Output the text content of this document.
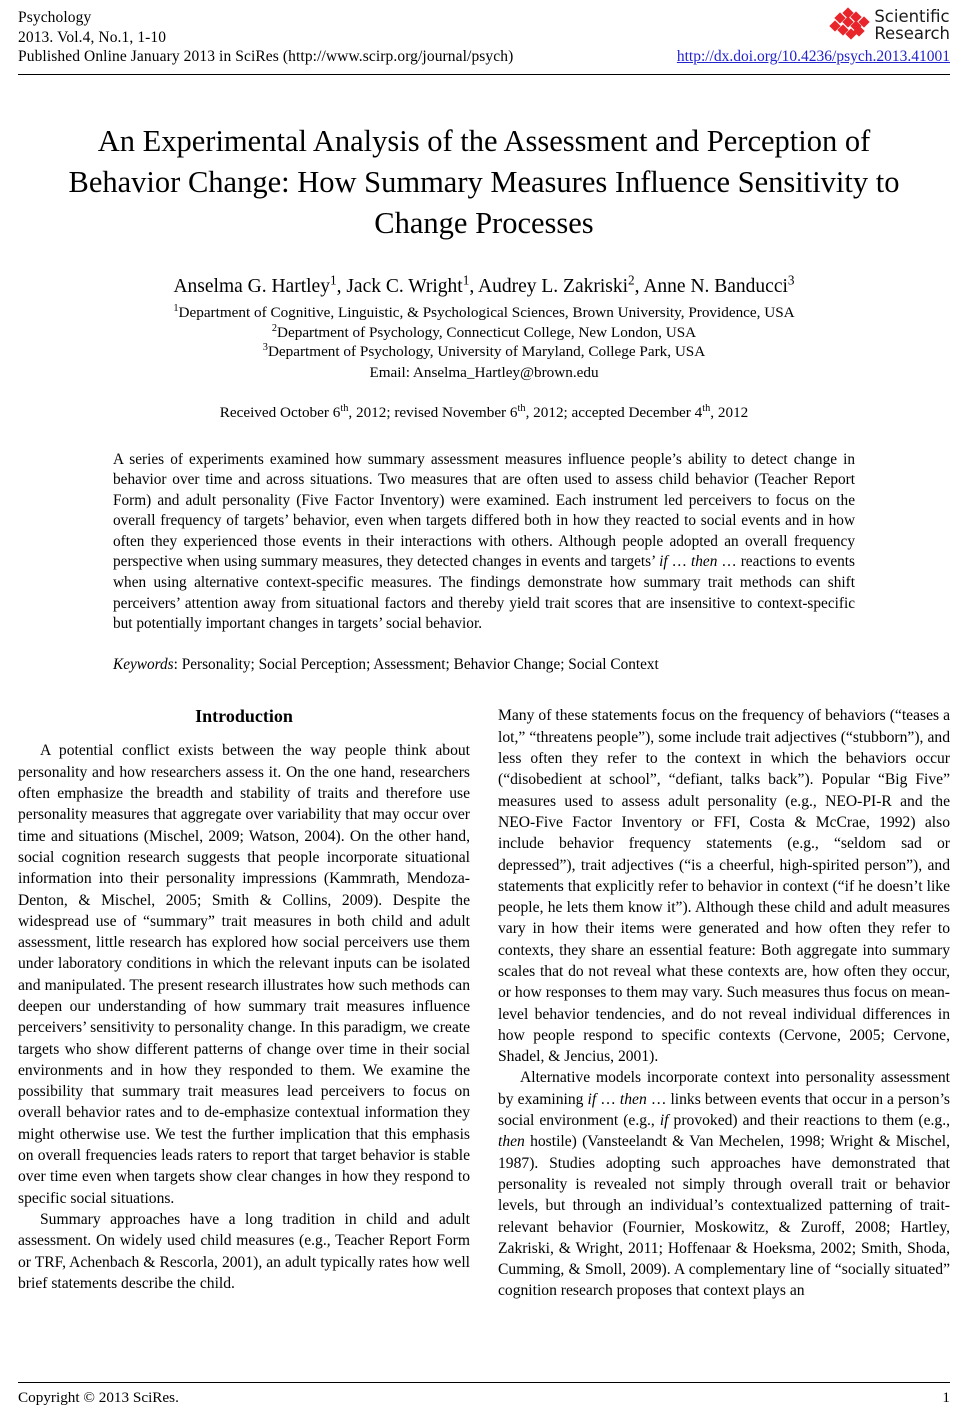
Psychology
2013. Vol.4, No.1, 1-10
Published Online January 2013 in SciRes (http://www.scirp.org/journal/psych)	http://dx.doi.org/10.4236/psych.2013.41001
Scientific
Research
An Experimental Analysis of the Assessment and Perception of Behavior Change: How Summary Measures Influence Sensitivity to Change Processes
Anselma G. Hartley$^1$, Jack C. Wright$^1$, Audrey L. Zakriski$^2$, Anne N. Banducci$^3$
$^1$Department of Cognitive, Linguistic, & Psychological Sciences, Brown University, Providence, USA
$^2$Department of Psychology, Connecticut College, New London, USA
$^3$Department of Psychology, University of Maryland, College Park, USA
Email: Anselma_Hartley@brown.edu
Received October 6th, 2012; revised November 6th, 2012; accepted December 4th, 2012
A series of experiments examined how summary assessment measures influence people’s ability to detect change in behavior over time and across situations. Two measures that are often used to assess child behavior (Teacher Report Form) and adult personality (Five Factor Inventory) were examined. Each instrument led perceivers to focus on the overall frequency of targets’ behavior, even when targets differed both in how they reacted to social events and in how often they experienced those events in their interactions with others. Although people adopted an overall frequency perspective when using summary measures, they detected changes in events and targets’ if … then … reactions to events when using alternative context-specific measures. The findings demonstrate how summary trait methods can shift perceivers’ attention away from situational factors and thereby yield trait scores that are insensitive to context-specific but potentially important changes in targets’ social behavior.
Keywords: Personality; Social Perception; Assessment; Behavior Change; Social Context
Introduction

A potential conflict exists between the way people think about personality and how researchers assess it. On the one hand, researchers often emphasize the breadth and stability of traits and therefore use personality measures that aggregate over variability that may occur over time and situations (Mischel, 2009; Watson, 2004). On the other hand, social cognition research suggests that people incorporate situational information into their personality impressions (Kammrath, Mendoza-Denton, & Mischel, 2005; Smith & Collins, 2009). Despite the widespread use of “summary” trait measures in both child and adult assessment, little research has explored how social perceivers use them under laboratory conditions in which the relevant inputs can be isolated and manipulated. The present research illustrates how such methods can deepen our understanding of how summary trait measures influence perceivers’ sensitivity to personality change. In this paradigm, we create targets who show different patterns of change over time in their social environments and in how they responded to them. We examine the possibility that summary trait measures lead perceivers to focus on overall behavior rates and to de-emphasize contextual information they might otherwise use. We test the further implication that this emphasis on overall frequencies leads raters to report that target behavior is stable over time even when targets show clear changes in how they respond to specific social situations.

Summary approaches have a long tradition in child and adult assessment. On widely used child measures (e.g., Teacher Report Form or TRF, Achenbach & Rescorla, 2001), an adult typically rates how well brief statements describe the child.

Many of these statements focus on the frequency of behaviors (“teases a lot,” “threatens people”), some include trait adjectives (“stubborn”), and less often they refer to the context in which the behaviors occur (“disobedient at school”, “defiant, talks back”). Popular “Big Five” measures used to assess adult personality (e.g., NEO-PI-R and the NEO-Five Factor Inventory or FFI, Costa & McCrae, 1992) also include behavior frequency statements (e.g., “seldom sad or depressed”), trait adjectives (“is a cheerful, high-spirited person”), and statements that explicitly refer to behavior in context (“if he doesn’t like people, he lets them know it”). Although these child and adult measures vary in how their items were generated and how often they refer to contexts, they share an essential feature: Both aggregate into summary scales that do not reveal what these contexts are, how often they occur, or how responses to them may vary. Such measures thus focus on mean-level behavior tendencies, and do not reveal individual differences in how people respond to specific contexts (Cervone, 2005; Cervone, Shadel, & Jencius, 2001).

Alternative models incorporate context into personality assessment by examining if … then … links between events that occur in a person’s social environment (e.g., if provoked) and their reactions to them (e.g., then hostile) (Vansteelandt & Van Mechelen, 1998; Wright & Mischel, 1987). Studies adopting such approaches have demonstrated that personality is revealed not simply through overall trait or behavior levels, but through an individual’s contextualized patterning of trait-relevant behavior (Fournier, Moskowitz, & Zuroff, 2008; Hartley, Zakriski, & Wright, 2011; Hoffenaar & Hoeksma, 2002; Smith, Shoda, Cumming, & Smoll, 2009). A complementary line of “socially situated” cognition research proposes that context plays an

Copyright © 2013 SciRes.	1
